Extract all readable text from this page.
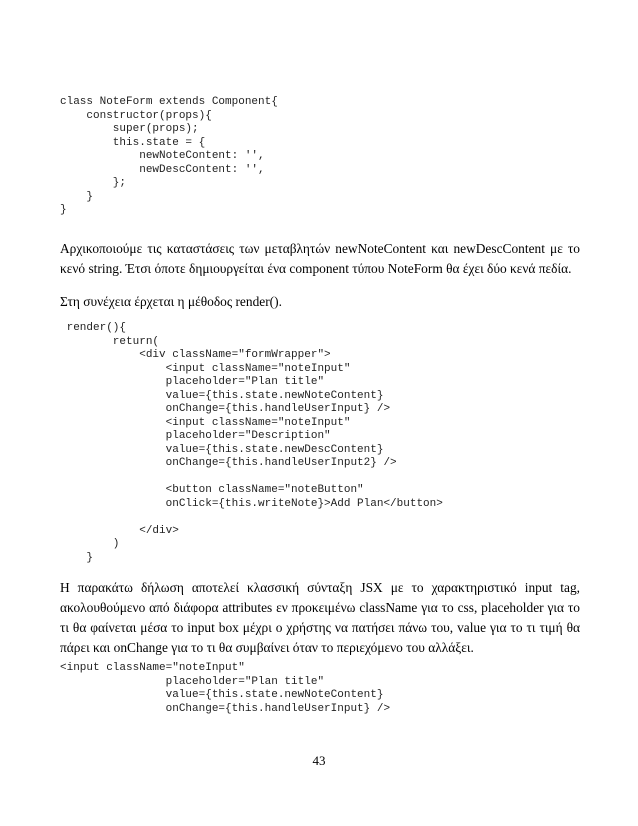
class NoteForm extends Component{
constructor(props){
super(props);
this.state = {
newNoteContent: '',
newDescContent: '',
};
}
}

Αρχικοποιούμε τις καταστάσεις των μεταβλητών newNoteContent και newDescContent με το κενό string. Έτσι όποτε δημιουργείται ένα component τύπου NoteForm θα έχει δύο κενά πεδία.

Στη συνέχεια έρχεται η μέθοδος render().

render(){
return(
<div className="formWrapper">
<input className="noteInput"
placeholder="Plan title"
value={this.state.newNoteContent}
onChange={this.handleUserInput} />
<input className="noteInput"
placeholder="Description"
value={this.state.newDescContent}
onChange={this.handleUserInput2} />

<button className="noteButton"
onClick={this.writeNote}>Add Plan</button>

</div>
)
}

Η παρακάτω δήλωση αποτελεί κλασσική σύνταξη JSX με το χαρακτηριστικό input tag, ακολουθούμενο από διάφορα attributes εν προκειμένω className για το css, placeholder για το τι θα φαίνεται μέσα το input box μέχρι ο χρήστης να πατήσει πάνω του, value για το τι τιμή θα πάρει και onChange για το τι θα συμβαίνει όταν το περιεχόμενο του αλλάξει.

<input className="noteInput"
placeholder="Plan title"
value={this.state.newNoteContent}
onChange={this.handleUserInput} />
43
